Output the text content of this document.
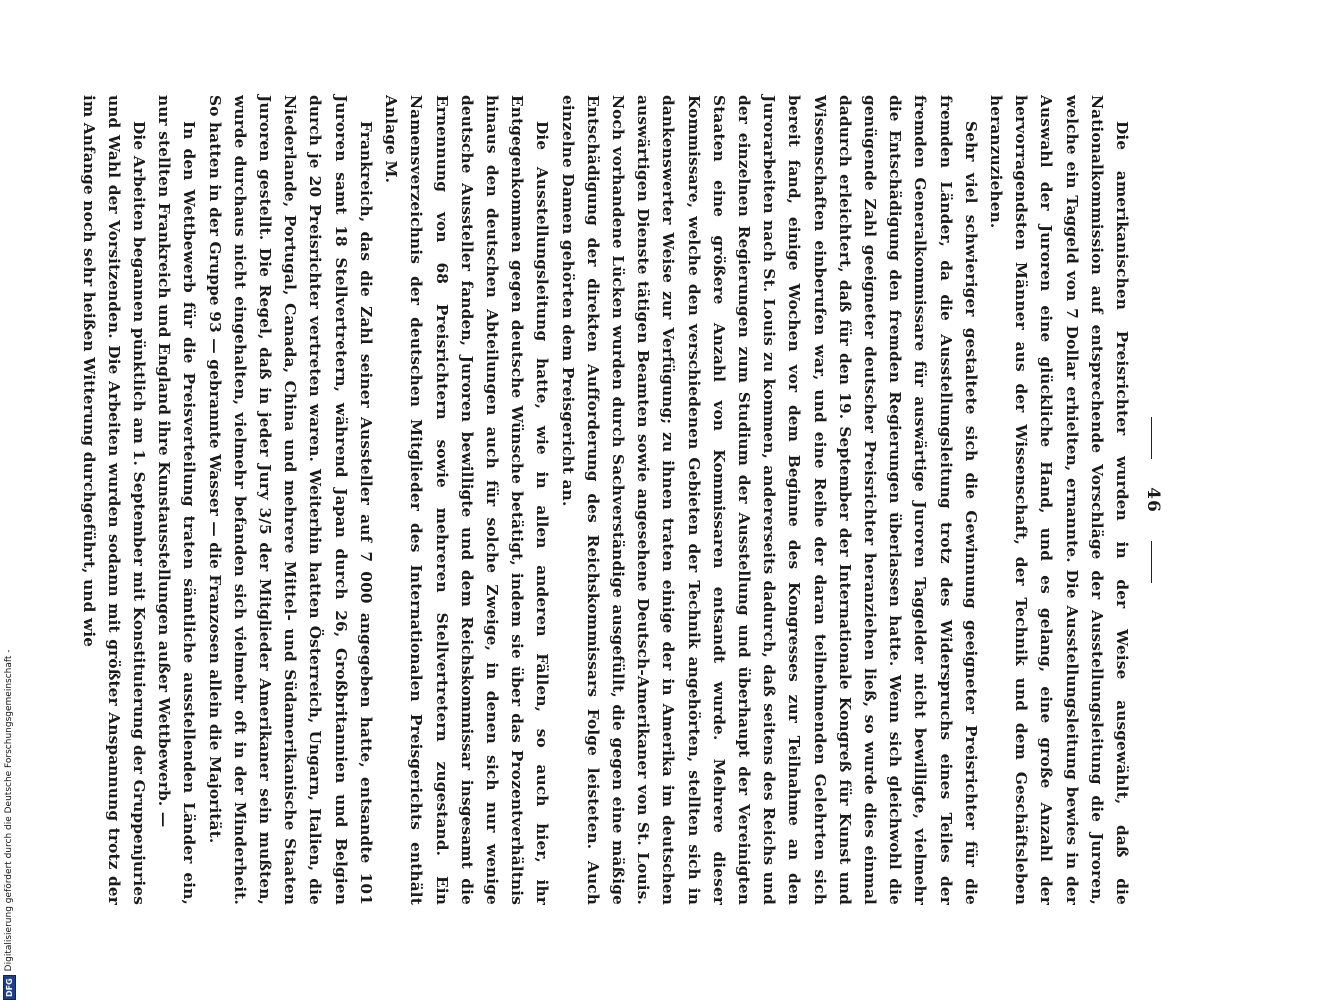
46

Die amerikanischen Preisrichter wurden in der Weise ausgewählt, daß die Nationalkommission auf entsprechende Vorschläge der Ausstellungsleitung die Juroren, welche ein Taggeld von 7 Dollar erhielten, ernannte. Die Ausstellungsleitung bewies in der Auswahl der Juroren eine glückliche Hand, und es gelang, eine große Anzahl der hervorragendsten Männer aus der Wissenschaft, der Technik und dem Geschäftsleben heranzuziehen.

Sehr viel schwieriger gestaltete sich die Gewinnung geeigneter Preisrichter für die fremden Länder, da die Ausstellungsleitung trotz des Widerspruchs eines Teiles der fremden Generalkommissare für auswärtige Juroren Taggelder nicht bewilligte, vielmehr die Entschädigung den fremden Regierungen überlassen hatte. Wenn sich gleichwohl die genügende Zahl geeigneter deutscher Preisrichter heranziehen ließ, so wurde dies einmal dadurch erleichtert, daß für den 19. September der Internationale Kongreß für Kunst und Wissenschaften einberufen war, und eine Reihe der daran teilnehmenden Gelehrten sich bereit fand, einige Wochen vor dem Beginne des Kongresses zur Teilnahme an den Jurorarbeiten nach St. Louis zu kommen, andererseits dadurch, daß seitens des Reichs und der einzelnen Regierungen zum Studium der Ausstellung und überhaupt der Vereinigten Staaten eine größere Anzahl von Kommissaren entsandt wurde. Mehrere dieser Kommissare, welche den verschiedenen Gebieten der Technik angehörten, stellten sich in dankenswerter Weise zur Verfügung; zu ihnen traten einige der in Amerika im deutschen auswärtigen Dienste tätigen Beamten sowie angesehene Deutsch-Amerikaner von St. Louis. Noch vorhandene Lücken wurden durch Sachverständige ausgefüllt, die gegen eine mäßige Entschädigung der direkten Aufforderung des Reichskommissars Folge leisteten. Auch einzelne Damen gehörten dem Preisgericht an.

Die Ausstellungsleitung hatte, wie in allen anderen Fällen, so auch hier, ihr Entgegenkommen gegen deutsche Wünsche betätigt, indem sie über das Prozentverhältnis hinaus den deutschen Abteilungen auch für solche Zweige, in denen sich nur wenige deutsche Aussteller fanden, Juroren bewilligte und dem Reichskommissar insgesamt die Ernennung von 68 Preisrichtern sowie mehreren Stellvertretern zugestand. Ein Namensverzeichnis der deutschen Mitglieder des Internationalen Preisgerichts enthält Anlage M.

Frankreich, das die Zahl seiner Aussteller auf 7 000 angegeben hatte, entsandte 101 Juroren samt 18 Stellvertretern, während Japan durch 26, Großbritannien und Belgien durch je 20 Preisrichter vertreten waren. Weiterhin hatten Österreich, Ungarn, Italien, die Niederlande, Portugal, Canada, China und mehrere Mittel- und Südamerikanische Staaten Juroren gestellt. Die Regel, daß in jeder Jury 3/5 der Mitglieder Amerikaner sein mußten, wurde durchaus nicht eingehalten, vielmehr befanden sich vielmehr oft in der Minderheit. So hatten in der Gruppe 93 — gebrannte Wasser — die Franzosen allein die Majorität.

In den Wettbewerb für die Preisverteilung traten sämtliche ausstellenden Länder ein, nur stellten Frankreich und England ihre Kunstausstellungen außer Wettbewerb. —

Die Arbeiten begannen pünktlich am 1. September mit Konstituierung der Gruppenjuries und Wahl der Vorsitzenden. Die Arbeiten wurden sodann mit größter Anspannung trotz der im Anfange noch sehr heißen Witterung durchgeführt, und wie

DFG
Digitalisierung gefördert durch die Deutsche Forschungsgemeinschaft -
